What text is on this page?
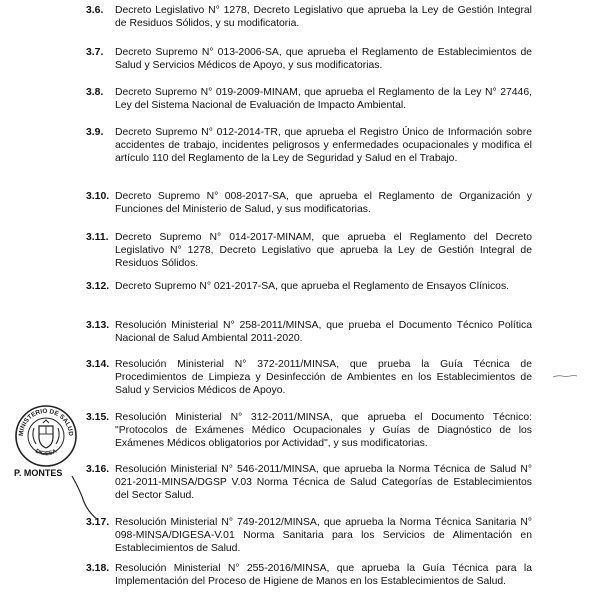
3.6.	Decreto Legislativo N° 1278, Decreto Legislativo que aprueba la Ley de Gestión Integral de Residuos Sólidos, y su modificatoria.
3.7.	Decreto Supremo N° 013-2006-SA, que aprueba el Reglamento de Establecimientos de Salud y Servicios Médicos de Apoyo, y sus modificatorias.
3.8.	Decreto Supremo N° 019-2009-MINAM, que aprueba el Reglamento de la Ley N° 27446, Ley del Sistema Nacional de Evaluación de Impacto Ambiental.
3.9.	Decreto Supremo N° 012-2014-TR, que aprueba el Registro Único de Información sobre accidentes de trabajo, incidentes peligrosos y enfermedades ocupacionales y modifica el artículo 110 del Reglamento de la Ley de Seguridad y Salud en el Trabajo.
3.10. Decreto Supremo N° 008-2017-SA, que aprueba el Reglamento de Organización y Funciones del Ministerio de Salud, y sus modificatorias.
3.11. Decreto Supremo N° 014-2017-MINAM, que aprueba el Reglamento del Decreto Legislativo N° 1278, Decreto Legislativo que aprueba la Ley de Gestión Integral de Residuos Sólidos.
3.12. Decreto Supremo N° 021-2017-SA, que aprueba el Reglamento de Ensayos Clínicos.
3.13. Resolución Ministerial N° 258-2011/MINSA, que prueba el Documento Técnico Política Nacional de Salud Ambiental 2011-2020.
3.14. Resolución Ministerial N° 372-2011/MINSA, que prueba la Guía Técnica de Procedimientos de Limpieza y Desinfección de Ambientes en los Establecimientos de Salud y Servicios Médicos de Apoyo.
3.15. Resolución Ministerial N° 312-2011/MINSA, que aprueba el Documento Técnico: "Protocolos de Exámenes Médico Ocupacionales y Guías de Diagnóstico de los Exámenes Médicos obligatorios por Actividad", y sus modificatorias.
3.16. Resolución Ministerial N° 546-2011/MINSA, que aprueba la Norma Técnica de Salud N° 021-2011-MINSA/DGSP V.03 Norma Técnica de Salud Categorías de Establecimientos del Sector Salud.
3.17. Resolución Ministerial N° 749-2012/MINSA, que aprueba la Norma Técnica Sanitaria N° 098-MINSA/DIGESA-V.01 Norma Sanitaria para los Servicios de Alimentación en Establecimientos de Salud.
3.18. Resolución Ministerial N° 255-2016/MINSA, que aprueba la Guía Técnica para la Implementación del Proceso de Higiene de Manos en los Establecimientos de Salud.
MINISTERIO DE SALUD
DIGESA
P. MONTES
